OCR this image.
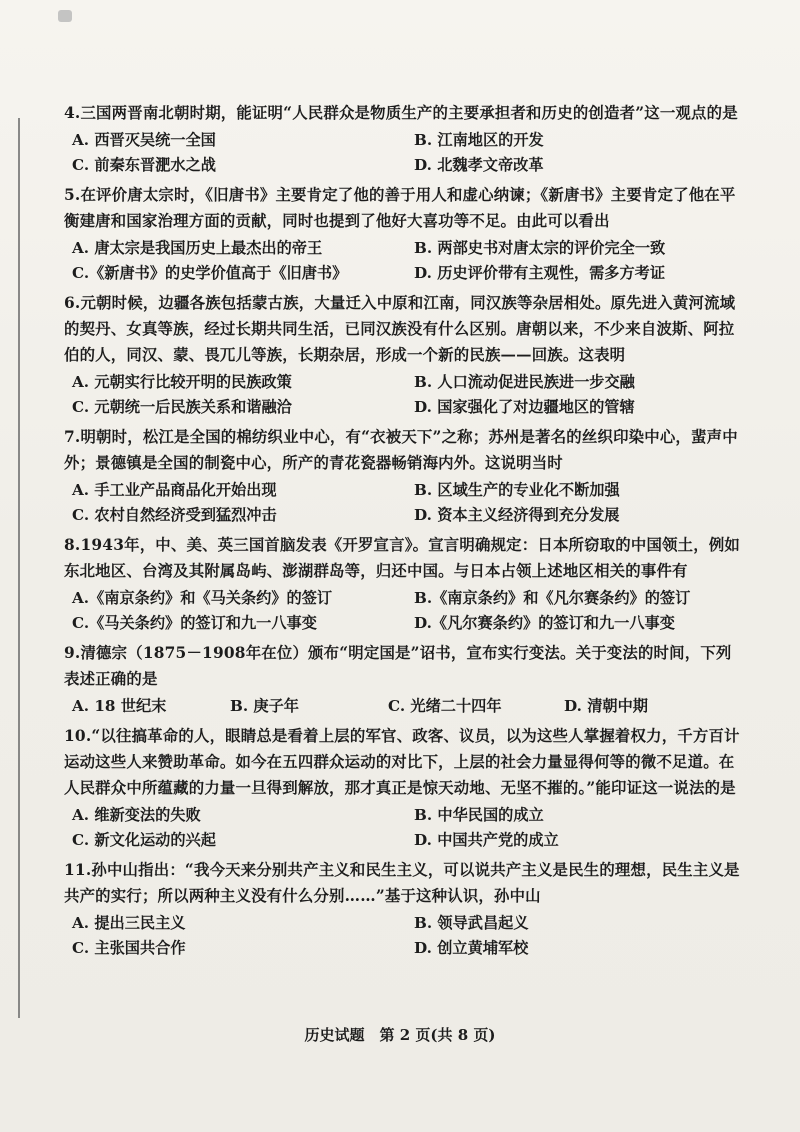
4.三国两晋南北朝时期，能证明“人民群众是物质生产的主要承担者和历史的创造者”这一观点的是

A. 西晋灭吴统一全国	B. 江南地区的开发
C. 前秦东晋淝水之战	D. 北魏孝文帝改革

5.在评价唐太宗时，《旧唐书》主要肯定了他的善于用人和虚心纳谏；《新唐书》主要肯定了他在平衡建唐和国家治理方面的贡献，同时也提到了他好大喜功等不足。由此可以看出

A. 唐太宗是我国历史上最杰出的帝王	B. 两部史书对唐太宗的评价完全一致
C.《新唐书》的史学价值高于《旧唐书》	D. 历史评价带有主观性，需多方考证

6.元朝时候，边疆各族包括蒙古族，大量迁入中原和江南，同汉族等杂居相处。原先进入黄河流域的契丹、女真等族，经过长期共同生活，已同汉族没有什么区别。唐朝以来，不少来自波斯、阿拉伯的人，同汉、蒙、畏兀儿等族，长期杂居，形成一个新的民族——回族。这表明

A. 元朝实行比较开明的民族政策	B. 人口流动促进民族进一步交融
C. 元朝统一后民族关系和谐融洽	D. 国家强化了对边疆地区的管辖

7.明朝时，松江是全国的棉纺织业中心，有“衣被天下”之称；苏州是著名的丝织印染中心，蜚声中外；景德镇是全国的制瓷中心，所产的青花瓷器畅销海内外。这说明当时

A. 手工业产品商品化开始出现	B. 区域生产的专业化不断加强
C. 农村自然经济受到猛烈冲击	D. 资本主义经济得到充分发展

8.1943年，中、美、英三国首脑发表《开罗宣言》。宣言明确规定：日本所窃取的中国领土，例如东北地区、台湾及其附属岛屿、澎湖群岛等，归还中国。与日本占领上述地区相关的事件有

A.《南京条约》和《马关条约》的签订	B.《南京条约》和《凡尔赛条约》的签订
C.《马关条约》的签订和九一八事变	D.《凡尔赛条约》的签订和九一八事变

9.清德宗（1875－1908年在位）颁布“明定国是”诏书，宣布实行变法。关于变法的时间，下列表述正确的是

A. 18 世纪末	B. 庚子年	C. 光绪二十四年	D. 清朝中期

10.“以往搞革命的人，眼睛总是看着上层的军官、政客、议员，以为这些人掌握着权力，千方百计运动这些人来赞助革命。如今在五四群众运动的对比下，上层的社会力量显得何等的微不足道。在人民群众中所蕴藏的力量一旦得到解放，那才真正是惊天动地、无坚不摧的。”能印证这一说法的是

A. 维新变法的失败	B. 中华民国的成立
C. 新文化运动的兴起	D. 中国共产党的成立

11.孙中山指出：“我今天来分别共产主义和民生主义，可以说共产主义是民生的理想，民生主义是共产的实行；所以两种主义没有什么分别……”基于这种认识，孙中山

A. 提出三民主义	B. 领导武昌起义
C. 主张国共合作	D. 创立黄埔军校
历史试题　第 2 页(共 8 页)
